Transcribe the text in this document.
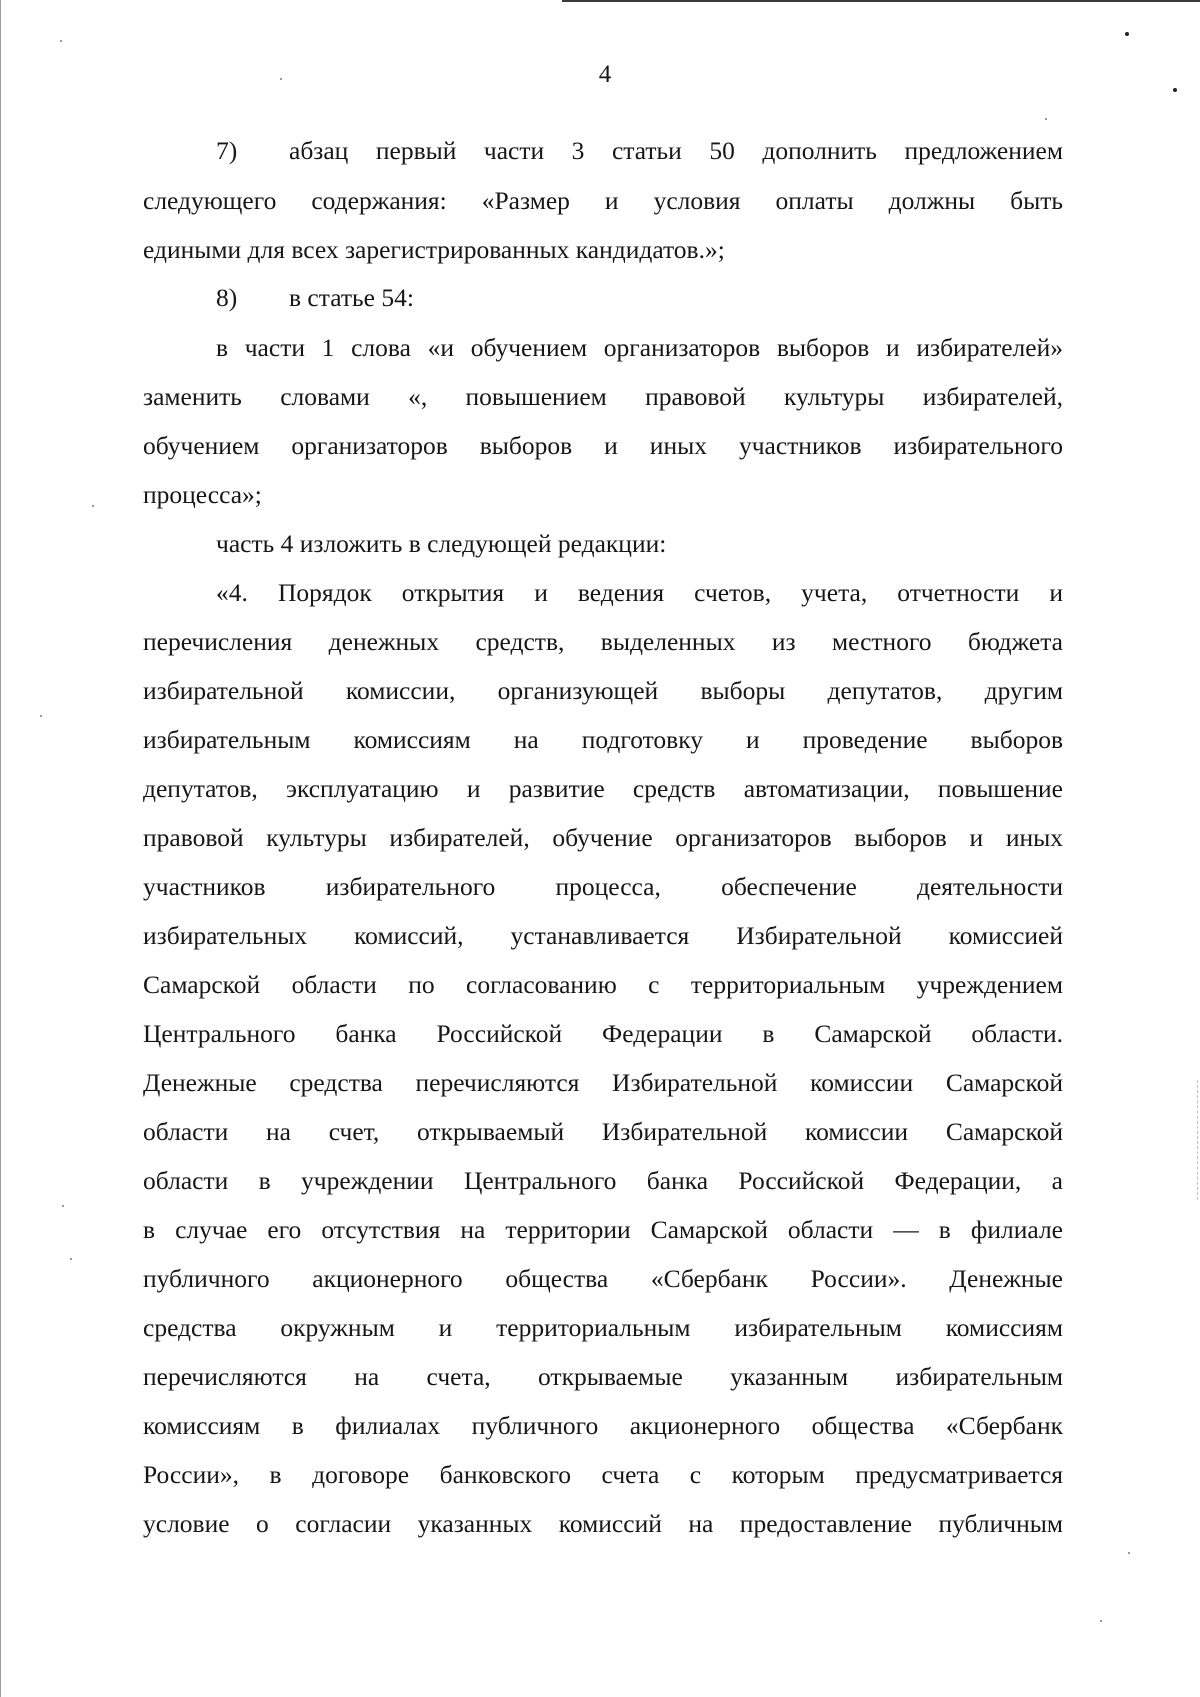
4
7) абзац первый части 3 статьи 50 дополнить предложением
следующего содержания: «Размер и условия оплаты должны быть
едиными для всех зарегистрированных кандидатов.»;
8) в статье 54:
в части 1 слова «и обучением организаторов выборов и избирателей»
заменить словами «, повышением правовой культуры избирателей,
обучением организаторов выборов и иных участников избирательного
процесса»;
часть 4 изложить в следующей редакции:
«4. Порядок открытия и ведения счетов, учета, отчетности и
перечисления денежных средств, выделенных из местного бюджета
избирательной комиссии, организующей выборы депутатов, другим
избирательным комиссиям на подготовку и проведение выборов
депутатов, эксплуатацию и развитие средств автоматизации, повышение
правовой культуры избирателей, обучение организаторов выборов и иных
участников избирательного процесса, обеспечение деятельности
избирательных комиссий, устанавливается Избирательной комиссией
Самарской области по согласованию с территориальным учреждением
Центрального банка Российской Федерации в Самарской области.
Денежные средства перечисляются Избирательной комиссии Самарской
области на счет, открываемый Избирательной комиссии Самарской
области в учреждении Центрального банка Российской Федерации, а
в случае его отсутствия на территории Самарской области — в филиале
публичного акционерного общества «Сбербанк России». Денежные
средства окружным и территориальным избирательным комиссиям
перечисляются на счета, открываемые указанным избирательным
комиссиям в филиалах публичного акционерного общества «Сбербанк
России», в договоре банковского счета с которым предусматривается
условие о согласии указанных комиссий на предоставление публичным
